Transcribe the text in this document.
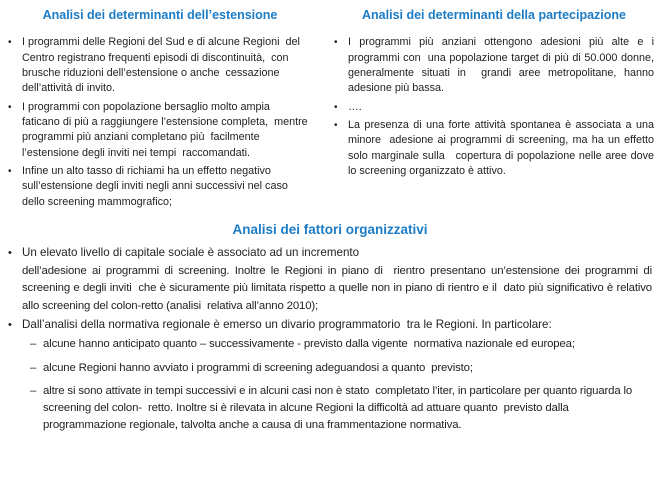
Analisi dei determinanti dell’estensione
• I programmi delle Regioni del Sud e di alcune Regioni  del Centro registrano frequenti episodi di discontinuità,  con brusche riduzioni dell’estensione o anche  cessazione dell’attività di invito.
• I programmi con popolazione bersaglio molto ampia  faticano di più a raggiungere l’estensione completa,  mentre programmi più anziani completano più  facilmente l’estensione degli inviti nei tempi  raccomandati.
• Infine un alto tasso di richiami ha un effetto negativo  sull’estensione degli inviti negli anni successivi nel caso  dello screening mammografico;
Analisi dei determinanti della partecipazione
• I programmi più anziani ottengono adesioni più alte e i programmi con  una popolazione target di più di 50.000 donne, generalmente situati in  grandi aree metropolitane, hanno adesione più bassa.
• ….
• La presenza di una forte attività spontanea è associata a una minore  adesione ai programmi di screening, ma ha un effetto solo marginale sulla   copertura di popolazione nelle aree dove lo screening organizzato è attivo.
Analisi dei fattori organizzativi
• Un elevato livello di capitale sociale è associato ad un incremento
dell’adesione ai programmi di screening. Inoltre le Regioni in piano di  rientro presentano un’estensione dei programmi di screening e degli inviti  che è sicuramente più limitata rispetto a quelle non in piano di rientro e il  dato più significativo è relativo allo screening del colon-retto (analisi  relativa all’anno 2010);
• Dall’analisi della normativa regionale è emerso un divario programmatorio  tra le Regioni. In particolare:
– alcune hanno anticipato quanto – successivamente - previsto dalla vigente  normativa nazionale ed europea;
– alcune Regioni hanno avviato i programmi di screening adeguandosi a quanto  previsto;
– altre si sono attivate in tempi successivi e in alcuni casi non è stato  completato l’iter, in particolare per quanto riguarda lo screening del colon-  retto. Inoltre si è rilevata in alcune Regioni la difficoltà ad attuare quanto  previsto dalla programmazione regionale, talvolta anche a causa di una frammentazione normativa.
